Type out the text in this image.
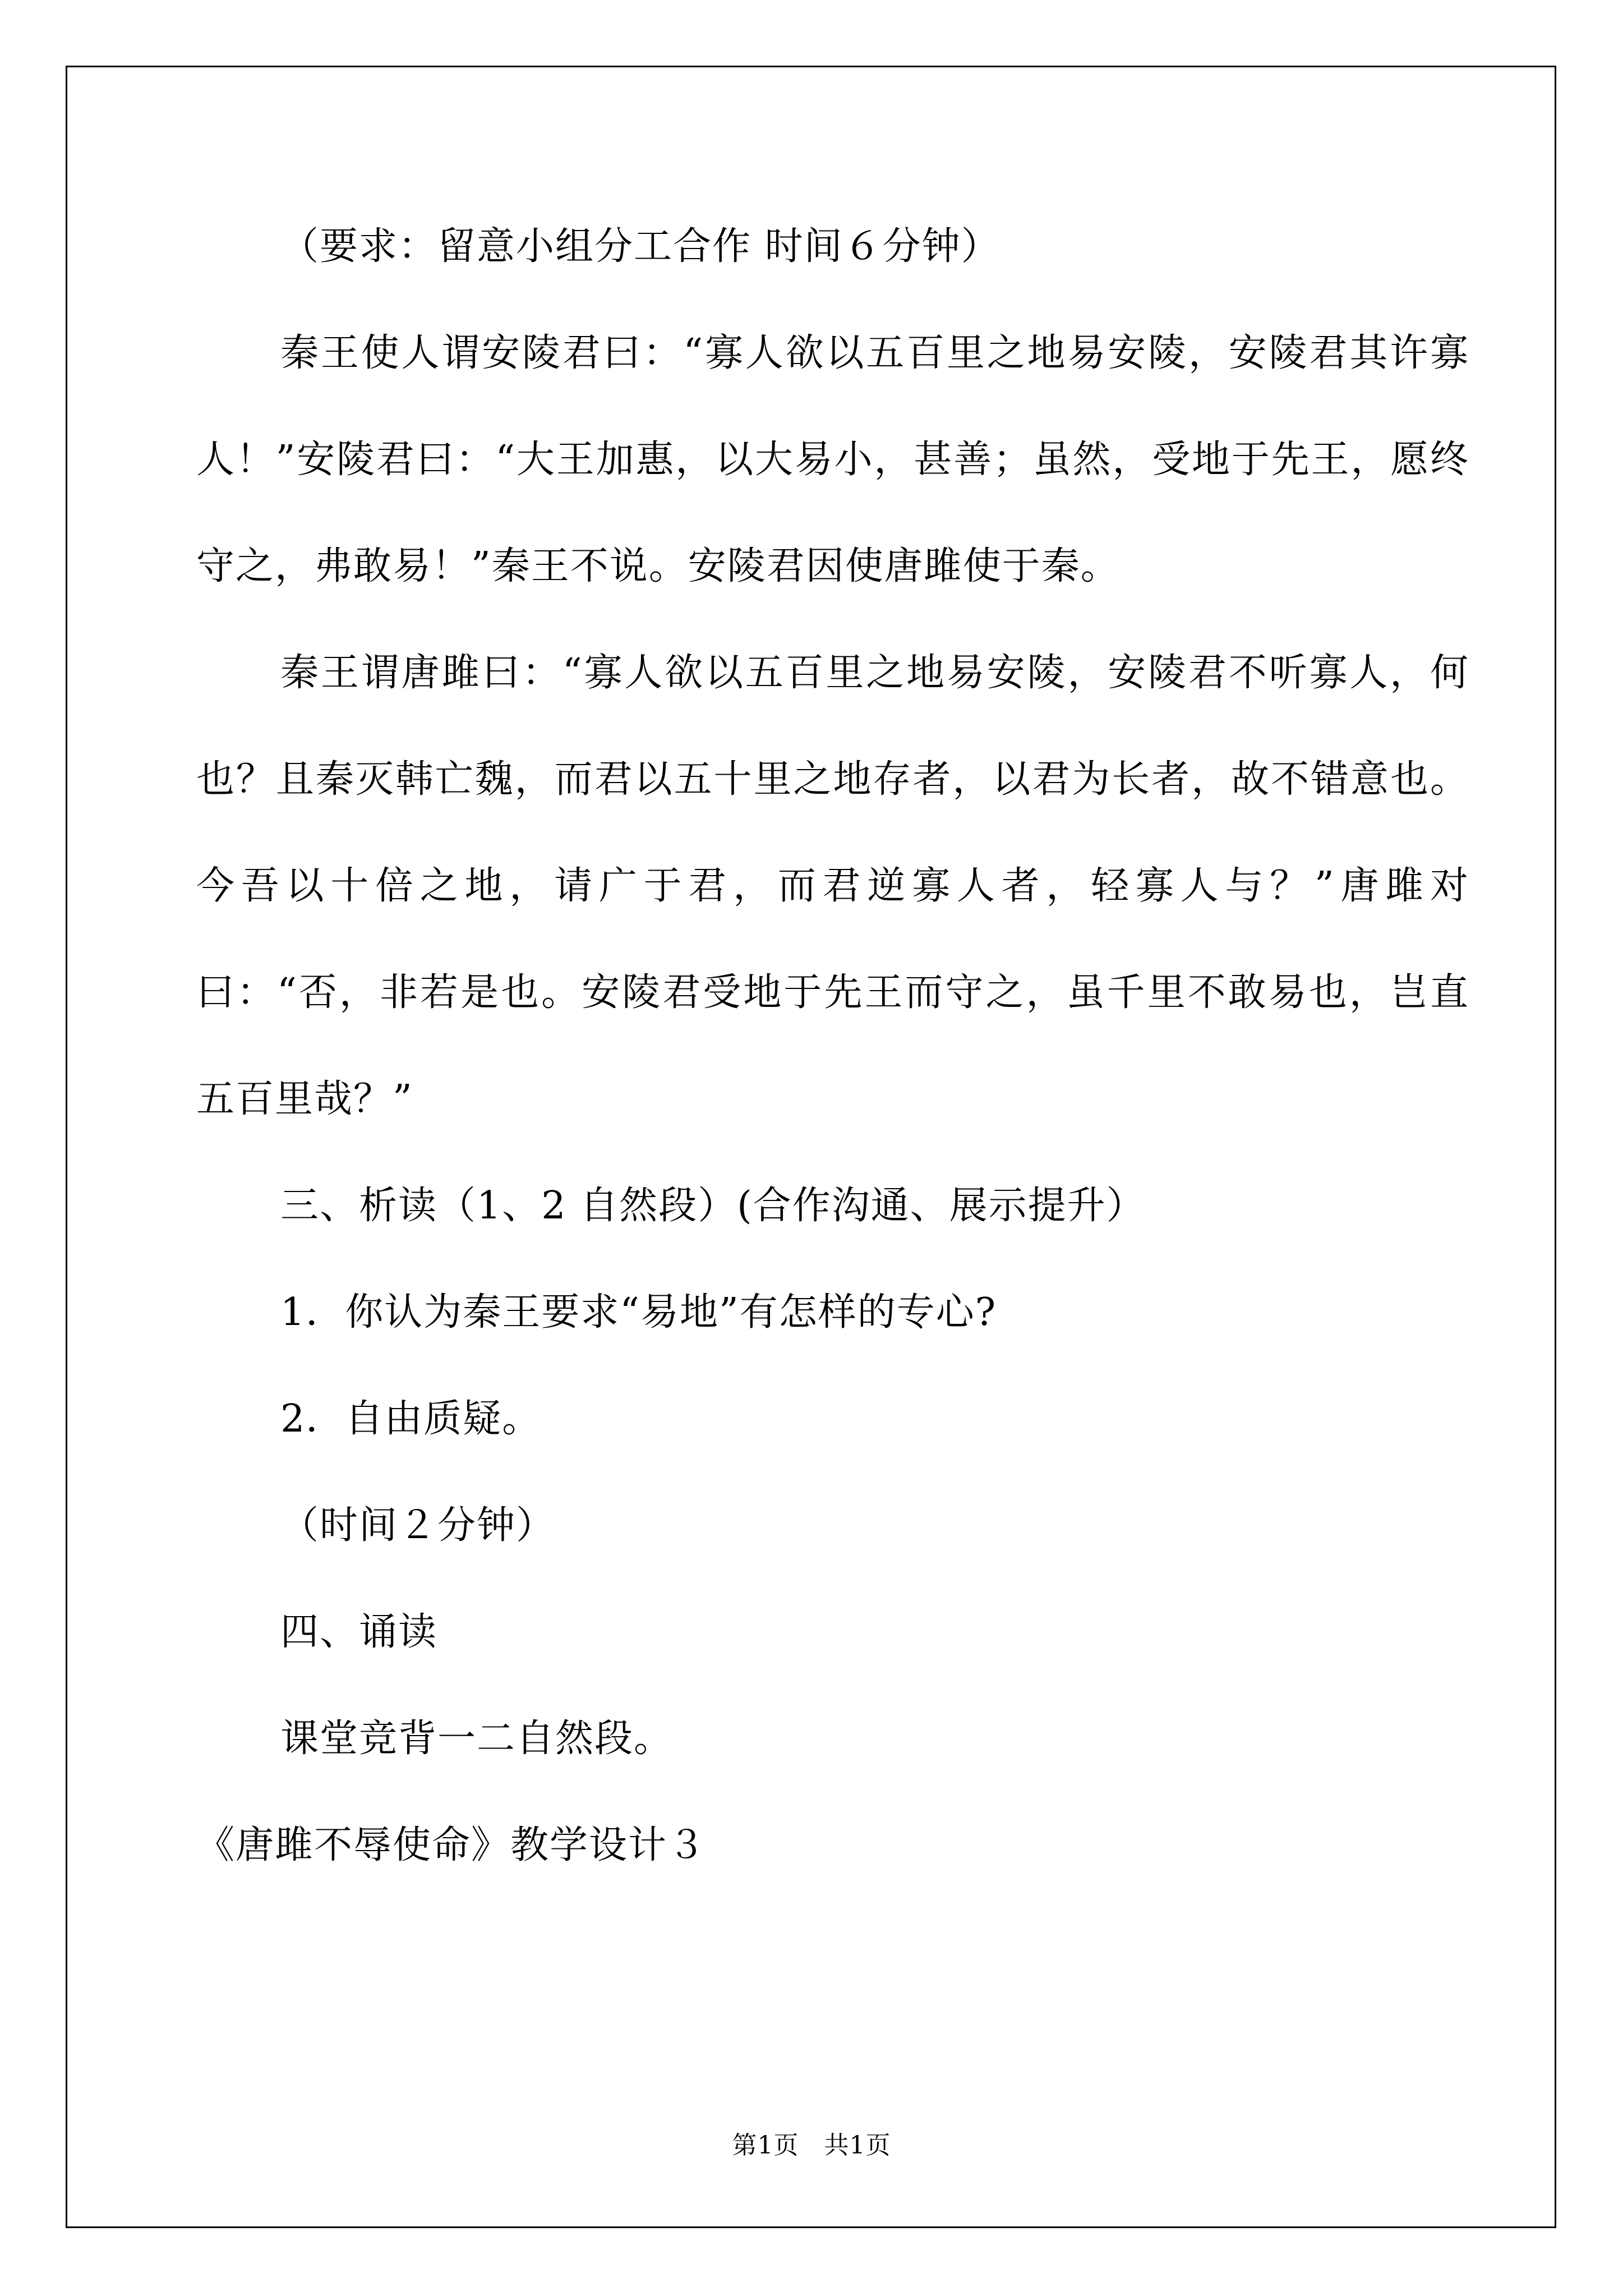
（要求：留意小组分工合作 时间６分钟）

秦王使人谓安陵君曰：“寡人欲以五百里之地易安陵，安陵君其许寡人！”安陵君曰：“大王加惠，以大易小，甚善；虽然，受地于先王，愿终守之，弗敢易！”秦王不说。安陵君因使唐雎使于秦。

秦王谓唐雎曰：“寡人欲以五百里之地易安陵，安陵君不听寡人，何也？且秦灭韩亡魏，而君以五十里之地存者，以君为长者，故不错意也。今吾以十倍之地，请广于君，而君逆寡人者，轻寡人与？”唐雎对曰：“否，非若是也。安陵君受地于先王而守之，虽千里不敢易也，岂直五百里哉？”

三、析读（1、2 自然段）(合作沟通、展示提升）

1．你认为秦王要求“易地”有怎样的专心?

2．自由质疑。

（时间２分钟）

四、诵读

课堂竞背一二自然段。

《唐雎不辱使命》教学设计３

第1页　共1页
